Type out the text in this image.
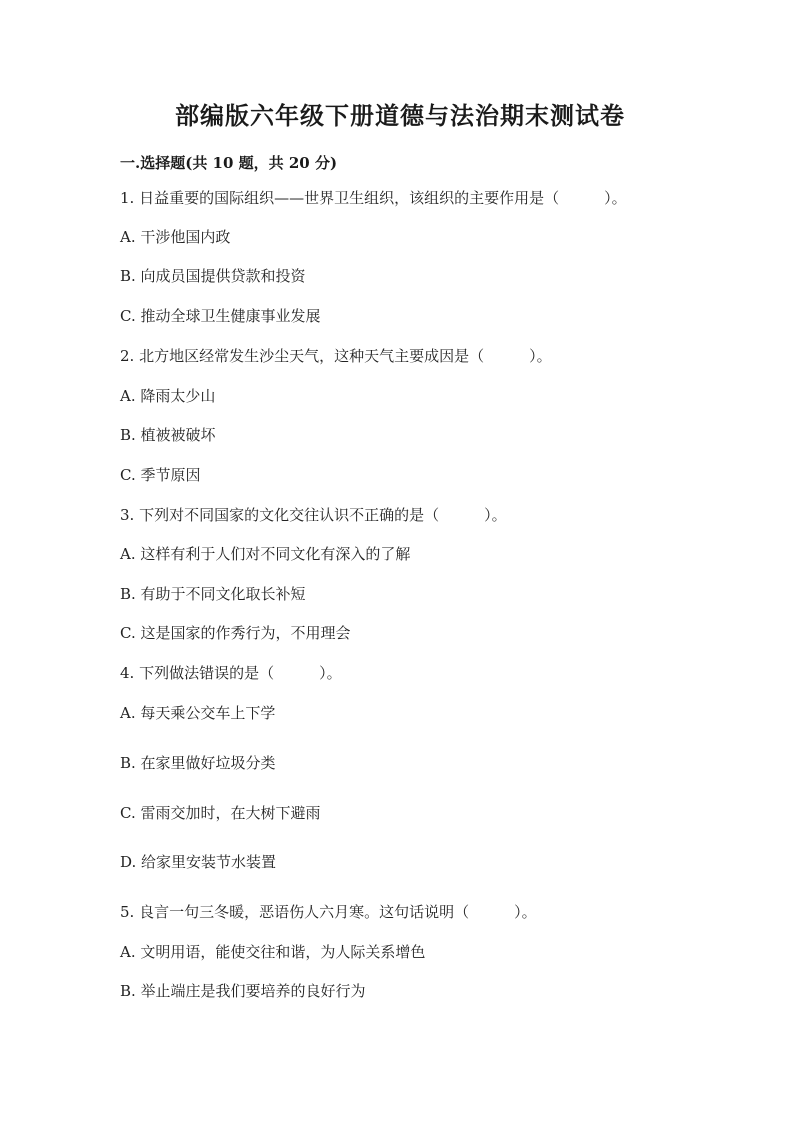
部编版六年级下册道德与法治期末测试卷
一.选择题(共 10 题，共 20 分)
1. 日益重要的国际组织——世界卫生组织，该组织的主要作用是（　　　）。
A. 干涉他国内政
B. 向成员国提供贷款和投资
C. 推动全球卫生健康事业发展
2. 北方地区经常发生沙尘天气，这种天气主要成因是（　　　）。
A. 降雨太少山
B. 植被被破坏
C. 季节原因
3. 下列对不同国家的文化交往认识不正确的是（　　　）。
A. 这样有利于人们对不同文化有深入的了解
B. 有助于不同文化取长补短
C. 这是国家的作秀行为，不用理会
4. 下列做法错误的是（　　　）。
A. 每天乘公交车上下学
B. 在家里做好垃圾分类
C. 雷雨交加时，在大树下避雨
D. 给家里安装节水装置
5. 良言一句三冬暖，恶语伤人六月寒。这句话说明（　　　）。
A. 文明用语，能使交往和谐，为人际关系增色
B. 举止端庄是我们要培养的良好行为
